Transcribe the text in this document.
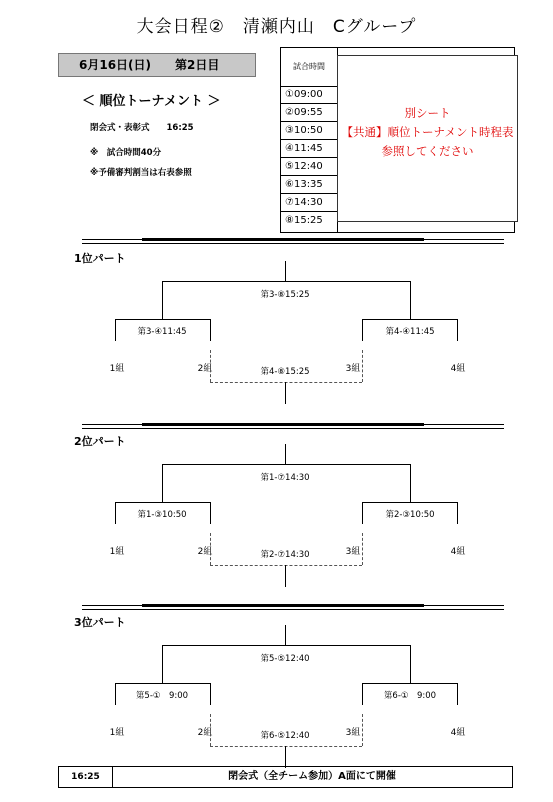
大会日程②　清瀬内山　Cグループ
6月16日(日) 第2日目
＜ 順位トーナメント ＞
閉会式・表彰式　　16:25
※　試合時間40分
※予備審判割当は右表参照
試合時間
①09:00
②09:55
③10:50
④11:45
⑤12:40
⑥13:35
⑦14:30
⑧15:25
別シート
【共通】順位トーナメント時程表
参照してください
1位パート
第3-⑧15:25
第3-④11:45	第4-④11:45
1組	2組	3組	4組
第4-⑧15:25
2位パート
第1-⑦14:30
第1-③10:50	第2-③10:50
1組	2組	3組	4組
第2-⑦14:30
3位パート
第5-⑤12:40
第5-①　9:00	第6-①　9:00
1組	2組	3組	4組
第6-⑤12:40
16:25	閉会式（全チーム参加）A面にて開催
